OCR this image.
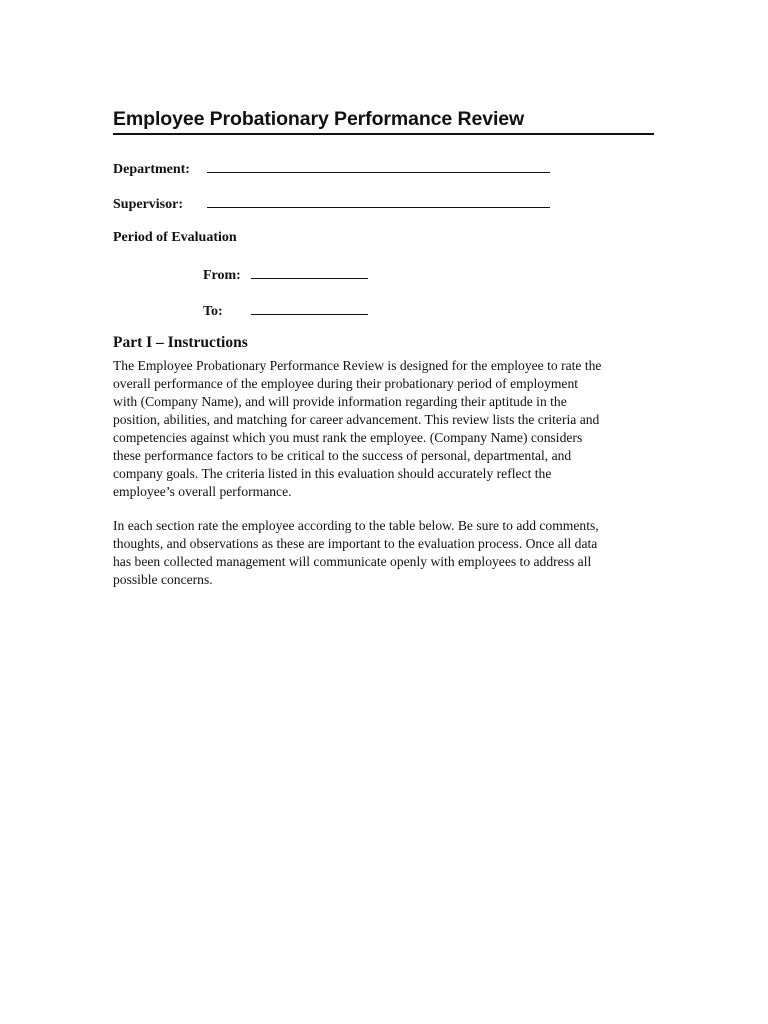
Employee Probationary Performance Review
Department:
Supervisor:
Period of Evaluation
From:
To:
Part I – Instructions

The Employee Probationary Performance Review is designed for the employee to rate the
overall performance of the employee during their probationary period of employment
with (Company Name), and will provide information regarding their aptitude in the
position, abilities, and matching for career advancement. This review lists the criteria and
competencies against which you must rank the employee. (Company Name) considers
these performance factors to be critical to the success of personal, departmental, and
company goals. The criteria listed in this evaluation should accurately reflect the
employee’s overall performance.

In each section rate the employee according to the table below. Be sure to add comments,
thoughts, and observations as these are important to the evaluation process. Once all data
has been collected management will communicate openly with employees to address all
possible concerns.
